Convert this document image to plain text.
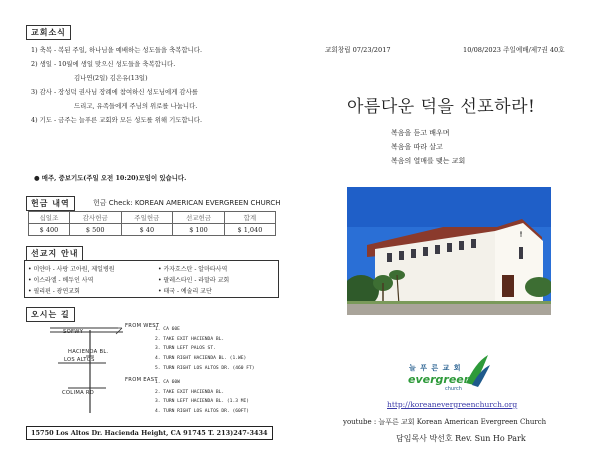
교회소식
1) 축복 - 복된 주일, 하나님을 예배하는 성도들을 축복합니다.
2) 생일 - 10월에 생일 맞으신 성도들을 축복합니다.
김나연(2일) 김은유(13일)
3) 감사 - 장성덕 권사님 장례에 참여하신 성도님에게 감사를
드리고, 유족들에게 주님의 위로를 나눕니다.
4) 기도 - 금주는 늘푸른 교회와 모든 성도를 위해 기도합니다.
● 매주, 중보기도(주일 오전 10:20)모임이 있습니다.
헌금 내역	헌금 Check: KOREAN AMERICAN EVERGREEN CHURCH
십일조	감사헌금	주일헌금	선교헌금	합계
$ 400	$ 500	$ 40	$ 100	$ 1,040
선교지 안내
• 미얀마 - 사랑 고아원, 제일병원
• 이스라엘 - 베두인 사역
• 필리핀 - 광연교회
• 카자흐스탄 - 알마타사역
• 팔레스타인 - 라말라 교회
• 태국 - 예술리 교단
오시는 길
SOFWY
HACIENDA BL.
LOS ALTOS
COLIMA RD
FROM WEST
1. CA 60E
2. TAKE EXIT HACIENDA BL.
3. TURN LEFT PALOS ST.
4. TURN RIGHT HACIENDA BL. (1.WE)
5. TURN RIGHT LOS ALTOS DR. (460 FT)
FROM EAST
1. CA 60W
2. TAKE EXIT HACIENDA BL.
3. TURN LEFT HACIENDA BL. (1.3 MI)
4. TURN RIGHT LOS ALTOS DR. (60FT)
15750 Los Altos Dr. Hacienda Height, CA 91745 T. 213)247-3434
교회창립 07/23/2017	10/08/2023 주일예배/제7권 40호
아름다운 덕을 선포하라!
복음을 듣고 배우며
복음을 따라 살고
복음의 열매를 맺는 교회
늘 푸 른 교 회
evergreen
church
http://koreanevergreenchurch.org
youtube : 늘푸른 교회 Korean American Evergreen Church
담임목사 박선호 Rev. Sun Ho Park
